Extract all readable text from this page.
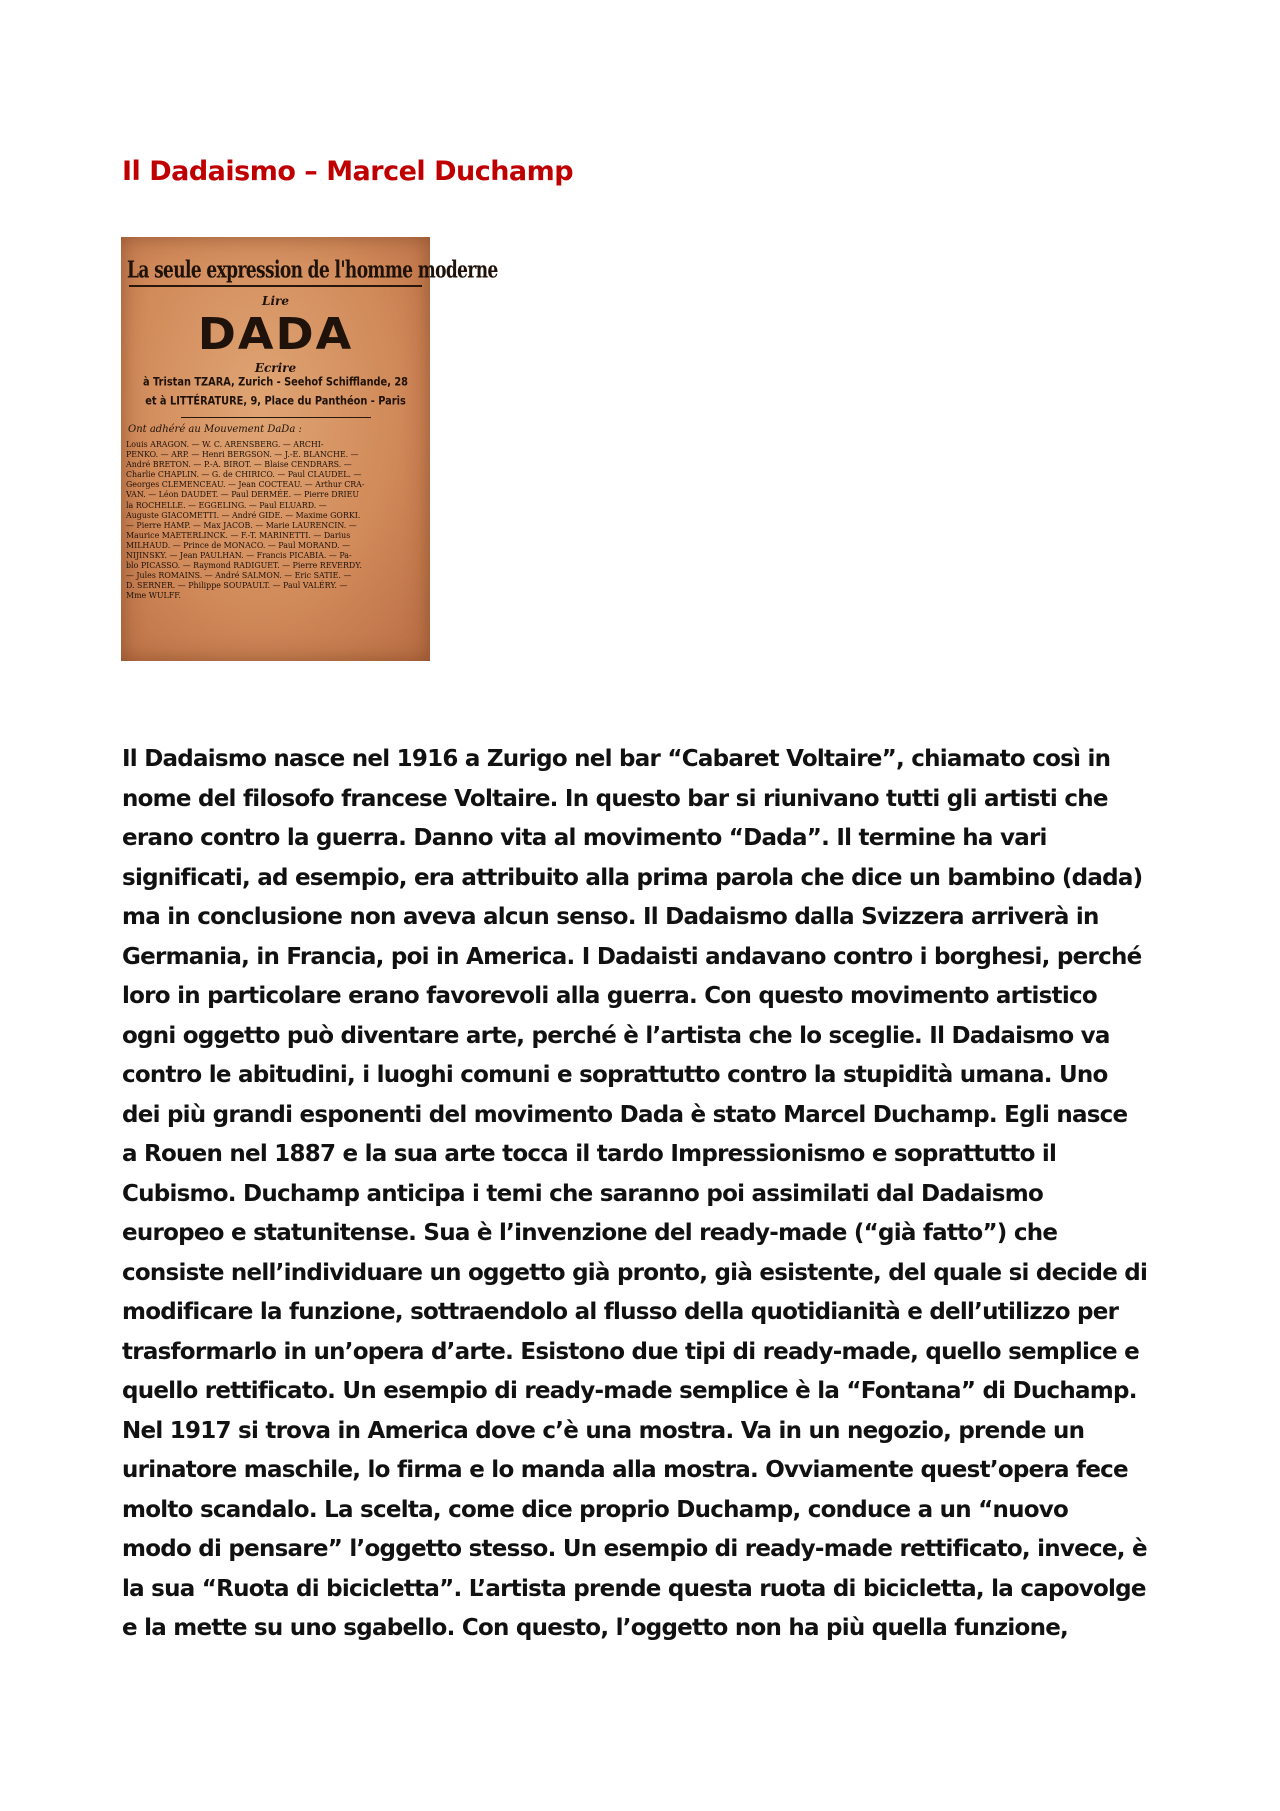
Il Dadaismo – Marcel Duchamp
La seule expression de l'homme moderne
Lire
DADA
Ecrire
à Tristan TZARA, Zurich - Seehof Schifflande, 28
et à LITTÉRATURE, 9, Place du Panthéon - Paris
Ont adhéré au Mouvement DaDa :
Louis ARAGON. — W. C. ARENSBERG. — ARCHI-
PENKO. — ARP. — Henri BERGSON. — J.-E. BLANCHE. —
André BRETON. — P.-A. BIROT. — Blaise CENDRARS. —
Charlie CHAPLIN. — G. de CHIRICO. — Paul CLAUDEL. —
Georges CLEMENCEAU. — Jean COCTEAU. — Arthur CRA-
VAN. — Léon DAUDET. — Paul DERMÉE. — Pierre DRIEU
la ROCHELLE. — EGGELING. — Paul ELUARD. —
Auguste GIACOMETTI. — André GIDE. — Maxime GORKI.
— Pierre HAMP. — Max JACOB. — Marie LAURENCIN. —
Maurice MAETERLINCK. — F.-T. MARINETTI. — Darius
MILHAUD. — Prince de MONACO. — Paul MORAND. —
NIJINSKY. — Jean PAULHAN. — Francis PICABIA. — Pa-
blo PICASSO. — Raymond RADIGUET. — Pierre REVERDY.
— Jules ROMAINS. — André SALMON. — Eric SATIE. —
D. SERNER. — Philippe SOUPAULT. — Paul VALÉRY. —
Mme WULFF.

Il Dadaismo nasce nel 1916 a Zurigo nel bar “Cabaret Voltaire”, chiamato così in
nome del filosofo francese Voltaire. In questo bar si riunivano tutti gli artisti che
erano contro la guerra. Danno vita al movimento “Dada”. Il termine ha vari
significati, ad esempio, era attribuito alla prima parola che dice un bambino (dada)
ma in conclusione non aveva alcun senso. Il Dadaismo dalla Svizzera arriverà in
Germania, in Francia, poi in America. I Dadaisti andavano contro i borghesi, perché
loro in particolare erano favorevoli alla guerra. Con questo movimento artistico
ogni oggetto può diventare arte, perché è l’artista che lo sceglie. Il Dadaismo va
contro le abitudini, i luoghi comuni e soprattutto contro la stupidità umana. Uno
dei più grandi esponenti del movimento Dada è stato Marcel Duchamp. Egli nasce
a Rouen nel 1887 e la sua arte tocca il tardo Impressionismo e soprattutto il
Cubismo. Duchamp anticipa i temi che saranno poi assimilati dal Dadaismo
europeo e statunitense. Sua è l’invenzione del ready-made (“già fatto”) che
consiste nell’individuare un oggetto già pronto, già esistente, del quale si decide di
modificare la funzione, sottraendolo al flusso della quotidianità e dell’utilizzo per
trasformarlo in un’opera d’arte. Esistono due tipi di ready-made, quello semplice e
quello rettificato. Un esempio di ready-made semplice è la “Fontana” di Duchamp.
Nel 1917 si trova in America dove c’è una mostra. Va in un negozio, prende un
urinatore maschile, lo firma e lo manda alla mostra. Ovviamente quest’opera fece
molto scandalo. La scelta, come dice proprio Duchamp, conduce a un “nuovo
modo di pensare” l’oggetto stesso. Un esempio di ready-made rettificato, invece, è
la sua “Ruota di bicicletta”. L’artista prende questa ruota di bicicletta, la capovolge
e la mette su uno sgabello. Con questo, l’oggetto non ha più quella funzione,
